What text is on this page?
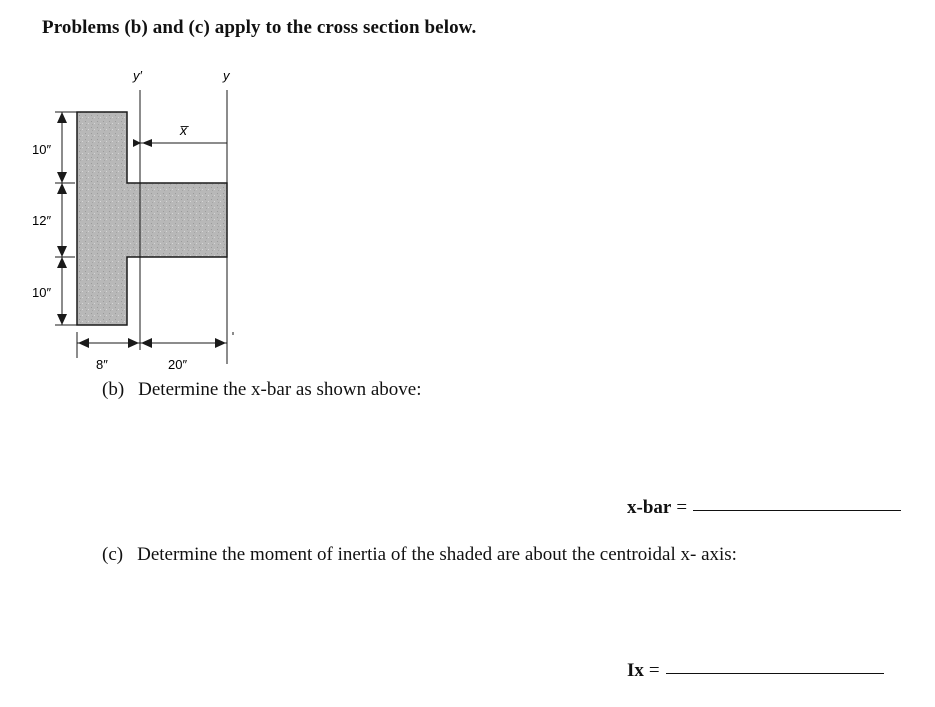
Problems (b) and (c) apply to the cross section below.
y′	y
x̅
10″
12″
10″
8″	20″
(b) Determine the x-bar as shown above:
x-bar =
(c) Determine the moment of inertia of the shaded are about the centroidal x- axis:
Ix =
